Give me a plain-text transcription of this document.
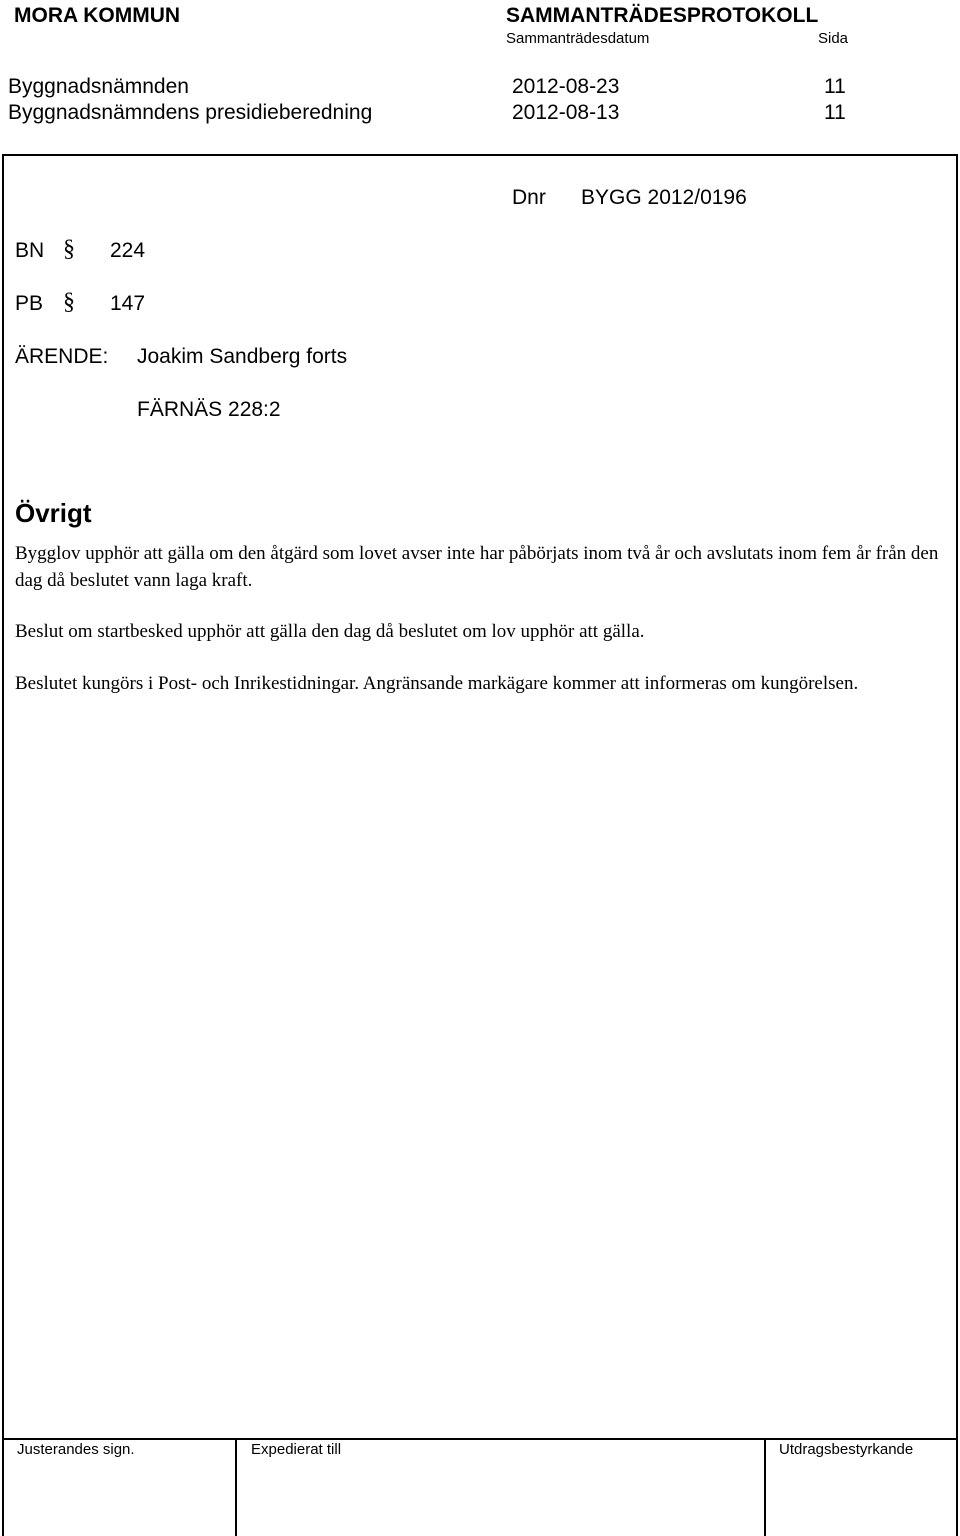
MORA KOMMUN	SAMMANTRÄDESPROTOKOLL
Sammanträdesdatum	Sida
Byggnadsnämnden	2012-08-23	11
Byggnadsnämndens presidieberedning	2012-08-13	11
Dnr BYGG 2012/0196
BN § 224
PB § 147
ÄRENDE: Joakim Sandberg forts
FÄRNÄS 228:2
Övrigt

Bygglov upphör att gälla om den åtgärd som lovet avser inte har påbörjats inom två år och avslutats inom fem år från den dag då beslutet vann laga kraft.

Beslut om startbesked upphör att gälla den dag då beslutet om lov upphör att gälla.

Beslutet kungörs i Post- och Inrikestidningar. Angränsande markägare kommer att informeras om kungörelsen.

Justerandes sign.	Expedierat till	Utdragsbestyrkande
